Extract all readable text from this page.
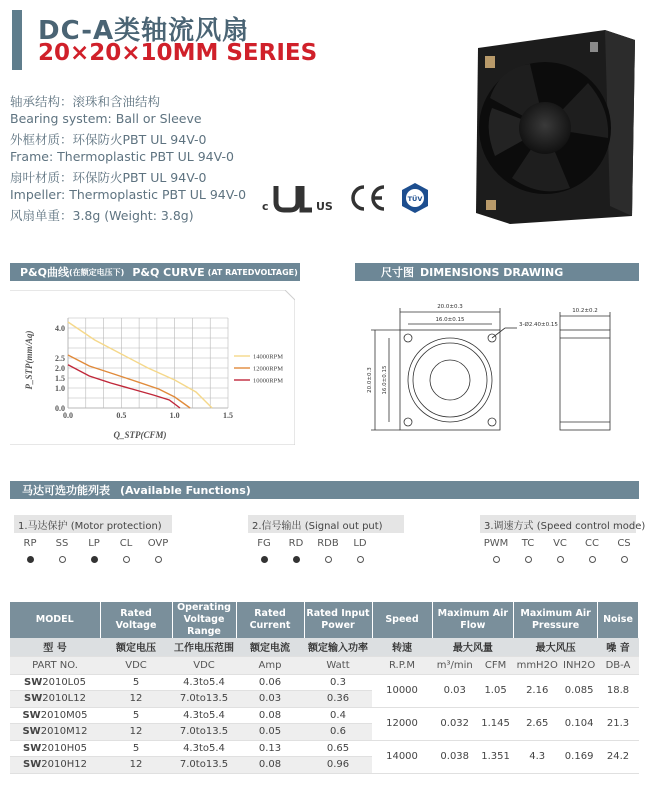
DC-A类轴流风扇
20×20×10MM SERIES
轴承结构：滚珠和含油结构
Bearing system: Ball or Sleeve
外框材质：环保防火PBT UL 94V-0
Frame: Thermoplastic PBT UL 94V-0
扇叶材质：环保防火PBT UL 94V-0
Impeller: Thermoplastic PBT UL 94V-0
风扇单重：3.8g (Weight: 3.8g)
c	US
CE
TÜV
P&Q曲线 (在额定电压下) P&Q CURVE (AT RATEDVOLTAGE)	尺寸图 DIMENSIONS DRAWING
0.0	0.5	1.0	1.5
0.0
1.0
1.5
2.0
2.5
4.0
14000RPM
12000RPM
10000RPM
P_STP(mm/Aq)
Q_STP(CFM)
20.0±0.3
16.0±0.15
3-Ø2.40±0.15
20.0±0.3 16.0±0.15
10.2±0.2
马达可选功能列表 (Available Functions)
1.马达保护 (Motor protection)	2.信号输出 (Signal out put)	3.调速方式 (Speed control mode)
RP	SS	LP	CL	OVP	FG	RD	RDB	LD	PWM	TC	VC	CC	CS
MODEL	Rated Voltage	Operating Voltage Range	Rated Current	Rated Input Power	Speed	Maximum Air Flow		Maximum Air Pressure		Noise
型 号	额定电压	工作电压范围	额定电流	额定输入功率	转速	最大风量		最大风压		噪 音
PART NO.	VDC	VDC	Amp	Watt	R.P.M	m³/min	CFM	mmH2O	INH2O	DB-A
SW2010L05	5	4.3to5.4	0.06	0.3	10000	0.03	1.05	2.16	0.085	18.8
SW2010L12	12	7.0to13.5	0.03	0.36						
SW2010M05	5	4.3to5.4	0.08	0.4	12000	0.032	1.145	2.65	0.104	21.3
SW2010M12	12	7.0to13.5	0.05	0.6						
SW2010H05	5	4.3to5.4	0.13	0.65	14000	0.038	1.351	4.3	0.169	24.2
SW2010H12	12	7.0to13.5	0.08	0.96						
